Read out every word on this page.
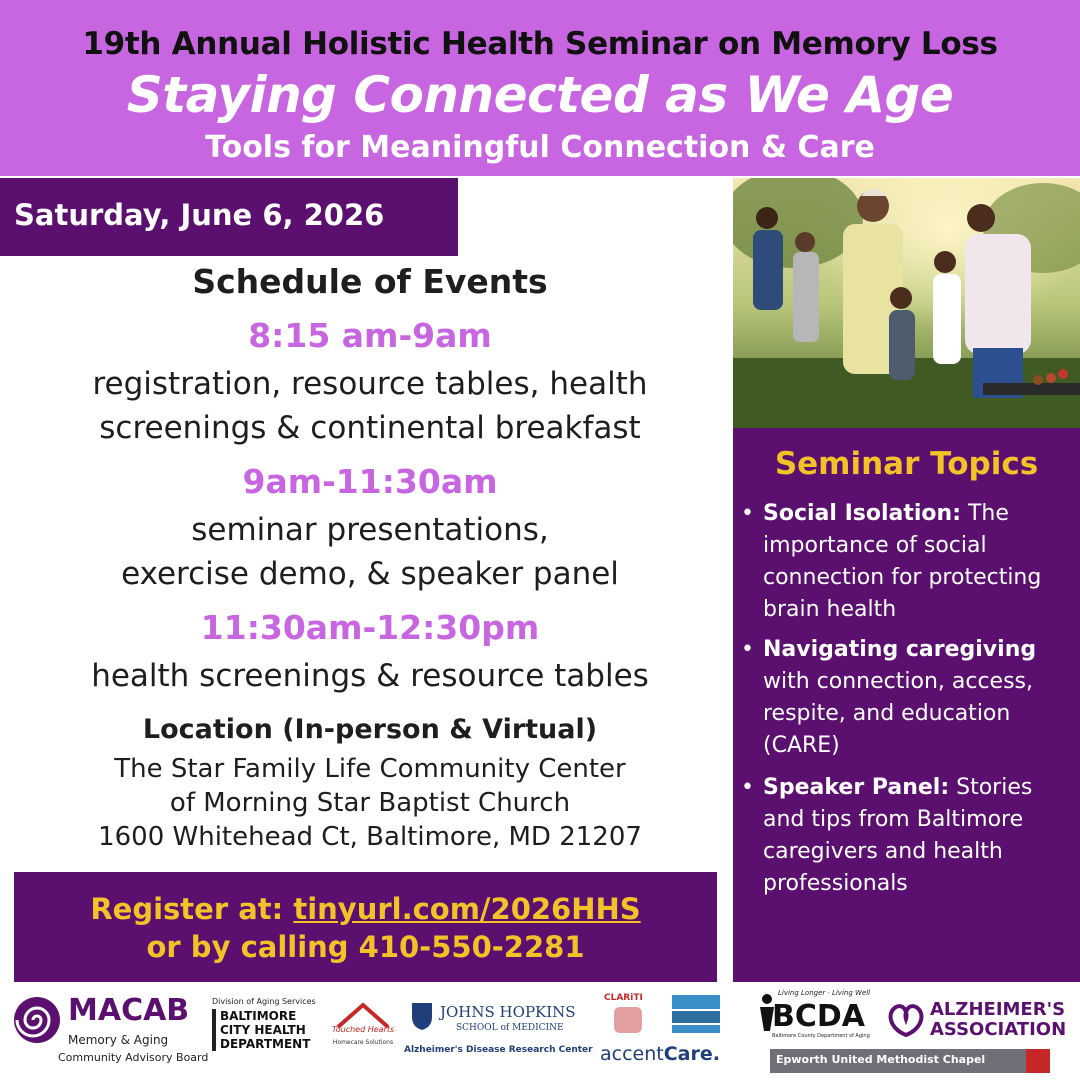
19th Annual Holistic Health Seminar on Memory Loss
Staying Connected as We Age
Tools for Meaningful Connection & Care
Saturday, June 6, 2026
Schedule of Events
8:15 am-9am
registration, resource tables, health
screenings & continental breakfast
9am-11:30am
seminar presentations,
exercise demo, & speaker panel
11:30am-12:30pm
health screenings & resource tables
Location (In-person & Virtual)
The Star Family Life Community Center
of Morning Star Baptist Church
1600 Whitehead Ct, Baltimore, MD 21207
Register at: tinyurl.com/2026HHS
or by calling 410-550-2281
Seminar Topics
• Social Isolation: The importance of social connection for protecting brain health
• Navigating caregiving with connection, access, respite, and education (CARE)
• Speaker Panel: Stories and tips from Baltimore caregivers and health professionals
MACAB
Memory & Aging
Community Advisory Board
Division of Aging Services
BALTIMORE
CITY HEALTH
DEPARTMENT
Touched Hearts
Homecare Solutions
JOHNS HOPKINS
SCHOOL of MEDICINE
Alzheimer's Disease Research Center
CLARiTI
accentCare.
Living Longer · Living Well
BCDA
Baltimore County Department of Aging
ALZHEIMER'S
ASSOCIATION
Epworth United Methodist Chapel
